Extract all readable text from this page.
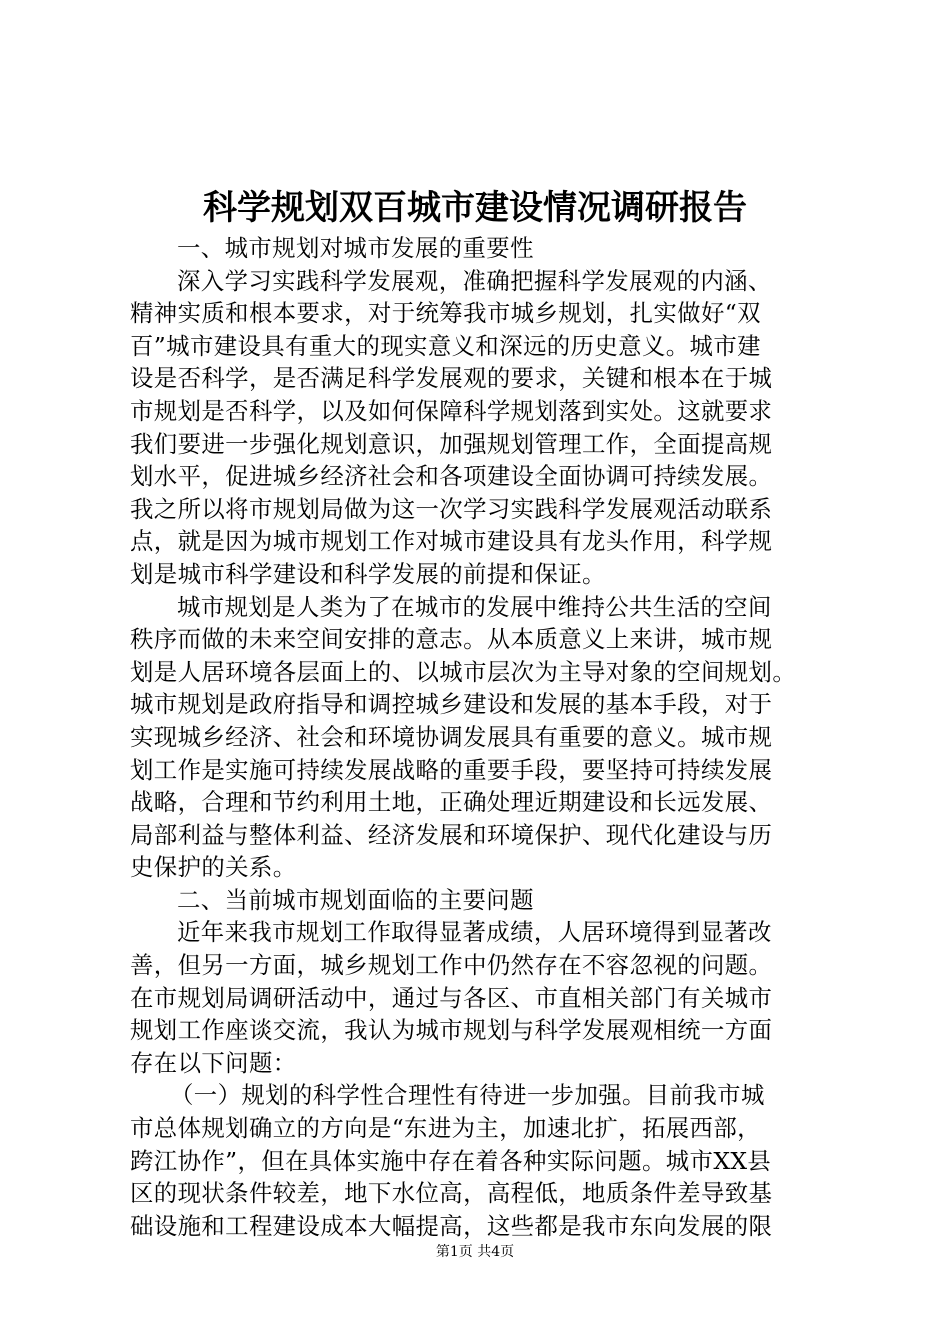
科学规划双百城市建设情况调研报告
一、城市规划对城市发展的重要性
深入学习实践科学发展观，准确把握科学发展观的内涵、
精神实质和根本要求，对于统筹我市城乡规划，扎实做好“双
百”城市建设具有重大的现实意义和深远的历史意义。城市建
设是否科学，是否满足科学发展观的要求，关键和根本在于城
市规划是否科学，以及如何保障科学规划落到实处。这就要求
我们要进一步强化规划意识，加强规划管理工作，全面提高规
划水平，促进城乡经济社会和各项建设全面协调可持续发展。
我之所以将市规划局做为这一次学习实践科学发展观活动联系
点，就是因为城市规划工作对城市建设具有龙头作用，科学规
划是城市科学建设和科学发展的前提和保证。
城市规划是人类为了在城市的发展中维持公共生活的空间
秩序而做的未来空间安排的意志。从本质意义上来讲，城市规
划是人居环境各层面上的、以城市层次为主导对象的空间规划。
城市规划是政府指导和调控城乡建设和发展的基本手段，对于
实现城乡经济、社会和环境协调发展具有重要的意义。城市规
划工作是实施可持续发展战略的重要手段，要坚持可持续发展
战略，合理和节约利用土地，正确处理近期建设和长远发展、
局部利益与整体利益、经济发展和环境保护、现代化建设与历
史保护的关系。
二、当前城市规划面临的主要问题
近年来我市规划工作取得显著成绩，人居环境得到显著改
善，但另一方面，城乡规划工作中仍然存在不容忽视的问题。
在市规划局调研活动中，通过与各区、市直相关部门有关城市
规划工作座谈交流，我认为城市规划与科学发展观相统一方面
存在以下问题：
（一）规划的科学性合理性有待进一步加强。目前我市城
市总体规划确立的方向是“东进为主，加速北扩，拓展西部，
跨江协作”，但在具体实施中存在着各种实际问题。城市XX县
区的现状条件较差，地下水位高，高程低，地质条件差导致基
础设施和工程建设成本大幅提高，这些都是我市东向发展的限
第1页 共4页
